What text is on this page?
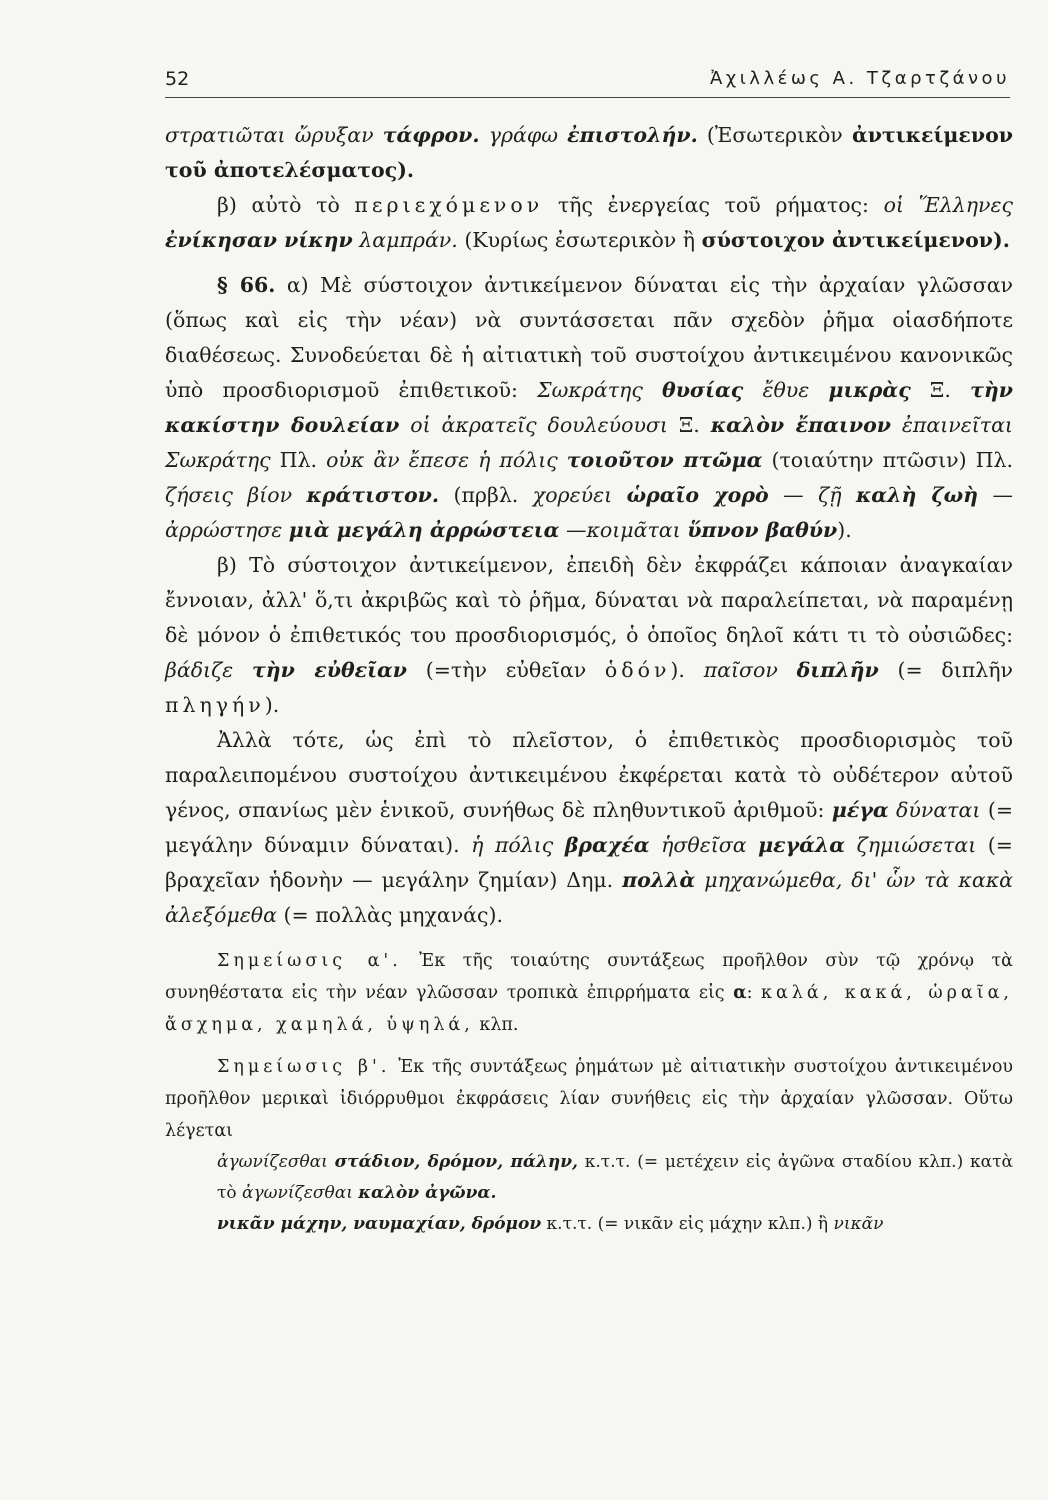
52	Ἀχιλλέως Α. Τζαρτζάνου

στρατιῶται ὤρυξαν τάφρον. γράφω ἐπιστολήν. (Ἐσωτερικὸν ἀντικείμενον τοῦ ἀποτελέσματος).

β) αὐτὸ τὸ περιεχόμενον τῆς ἐνεργείας τοῦ ρήματος: οἱ Ἕλληνες ἐνίκησαν νίκην λαμπράν. (Κυρίως ἐσωτερικὸν ἢ σύστοιχον ἀντικείμενον).

§ 66. α) Μὲ σύστοιχον ἀντικείμενον δύναται εἰς τὴν ἀρχαίαν γλῶσσαν (ὅπως καὶ εἰς τὴν νέαν) νὰ συντάσσεται πᾶν σχεδὸν ῥῆμα οἱασδήποτε διαθέσεως. Συνοδεύεται δὲ ἡ αἰτιατικὴ τοῦ συστοίχου ἀντικειμένου κανονικῶς ὑπὸ προσδιορισμοῦ ἐπιθετικοῦ: Σωκράτης θυσίας ἔθυε μικρὰς Ξ. τὴν κακίστην δουλείαν οἱ ἀκρατεῖς δουλεύουσι Ξ. καλὸν ἔπαινον ἐπαινεῖται Σωκράτης Πλ. οὐκ ἂν ἔπεσε ἡ πόλις τοιοῦτον πτῶμα (τοιαύτην πτῶσιν) Πλ. ζήσεις βίον κράτιστον. (πρβλ. χορεύει ὡραῖο χορὸ — ζῇ καλὴ ζωὴ — ἀρρώστησε μιὰ μεγάλη ἀρρώστεια —κοιμᾶται ὕπνον βαθύν).

β) Τὸ σύστοιχον ἀντικείμενον, ἐπειδὴ δὲν ἐκφράζει κάποιαν ἀναγκαίαν ἔννοιαν, ἀλλ' ὅ,τι ἀκριβῶς καὶ τὸ ῥῆμα, δύναται νὰ παραλείπεται, νὰ παραμένῃ δὲ μόνον ὁ ἐπιθετικός του προσδιορισμός, ὁ ὁποῖος δηλοῖ κάτι τι τὸ οὐσιῶδες: βάδιζε τὴν εὐθεῖαν (=τὴν εὐθεῖαν ὁδόν). παῖσον διπλῆν (= διπλῆν πληγήν).

Ἀλλὰ τότε, ὡς ἐπὶ τὸ πλεῖστον, ὁ ἐπιθετικὸς προσδιορισμὸς τοῦ παραλειπομένου συστοίχου ἀντικειμένου ἐκφέρεται κατὰ τὸ οὐδέτερον αὐτοῦ γένος, σπανίως μὲν ἑνικοῦ, συνήθως δὲ πληθυντικοῦ ἀριθμοῦ: μέγα δύναται (= μεγάλην δύναμιν δύναται). ἡ πόλις βραχέα ἡσθεῖσα μεγάλα ζημιώσεται (= βραχεῖαν ἡδονὴν — μεγάλην ζημίαν) Δημ. πολλὰ μηχανώμεθα, δι' ὧν τὰ κακὰ ἀλεξόμεθα (= πολλὰς μηχανάς).

Σημείωσις α'. Ἐκ τῆς τοιαύτης συντάξεως προῆλθον σὺν τῷ χρόνῳ τὰ συνηθέστατα εἰς τὴν νέαν γλῶσσαν τροπικὰ ἐπιρρήματα εἰς α: καλά, κακά, ὡραῖα, ἄσχημα, χαμηλά, ὑψηλά, κλπ.

Σημείωσις β'. Ἐκ τῆς συντάξεως ῥημάτων μὲ αἰτιατικὴν συστοίχου ἀντικειμένου προῆλθον μερικαὶ ἰδιόρρυθμοι ἐκφράσεις λίαν συνήθεις εἰς τὴν ἀρχαίαν γλῶσσαν. Οὕτω λέγεται

ἀγωνίζεσθαι στάδιον, δρόμον, πάλην, κ.τ.τ. (= μετέχειν εἰς ἀγῶνα σταδίου κλπ.) κατὰ τὸ ἀγωνίζεσθαι καλὸν ἀγῶνα.

νικᾶν μάχην, ναυμαχίαν, δρόμον κ.τ.τ. (= νικᾶν εἰς μάχην κλπ.) ἢ νικᾶν
